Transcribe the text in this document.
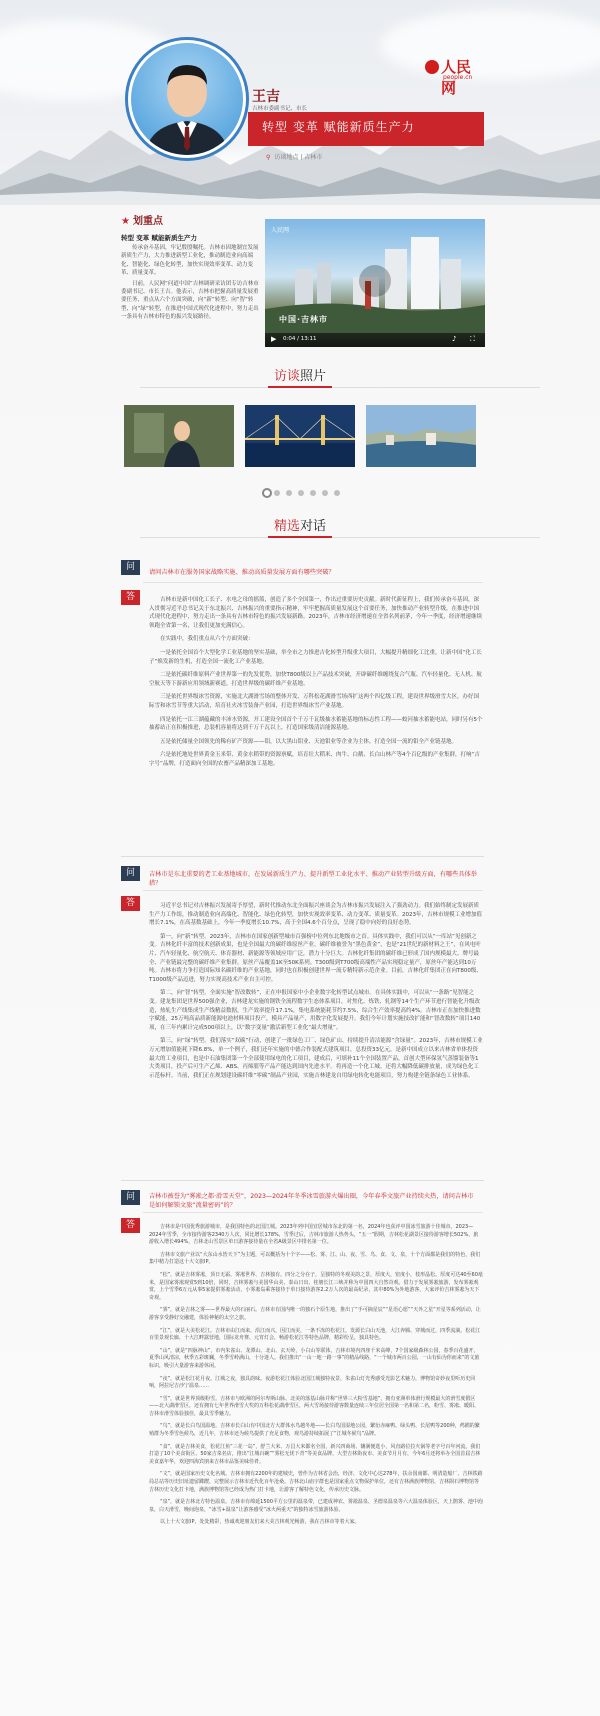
人民网
people.cn
王吉
吉林市委副书记、市长
转型 变革 赋能新质生产力
⚲ 访谈地点 | 吉林市
★ 划重点
转型 变革 赋能新质生产力

传承奋斗基因，牢记殷殷嘱托。吉林市因地制宜发展新质生产力，大力推进新型工业化，推动制造业向高端化、智能化、绿色化转型，加快实现效率变革、动力变革、质量变革。

日前，人民网“问道中国”吉林调研采访团专访吉林市委副书记、市长王吉。他表示，吉林市把握高质量发展重要任务，重点从六个方面突破，向“新”转型、向“智”转型、向“绿”转型，在推进中国式现代化进程中，努力走出一条具有吉林市特色的振兴发展路径。

人民网
中国·吉林市
▶ 0:04 / 13:11	♪ ⛶
访谈照片
精选对话
问
请问吉林市在服务国家战略实施、推动高质量发展方面有哪些突破？
答	吉林市是新中国化工长子、水电之母的摇篮，创造了多个全国第一，作出过重要历史贡献。新时代新征程上，我们传承奋斗基因，深入贯彻习近平总书记关于东北振兴、吉林振兴的重要指示精神，牢牢把握高质量发展这个首要任务，加快推动产业转型升级，在推进中国式现代化进程中，努力走出一条具有吉林市特色的振兴发展新路。2023年，吉林市经济增速在全省名列前茅，今年一季度，经济增速继续领跑全省第一名，让我们更加充满信心。

在实践中，我们重点从六个方面突破：

一是依托全国首个大型化学工业基地的坚实基础，举全市之力推进吉化转型升级重大项目，大幅提升精细化工比重，让新中国“化工长子”焕发新的生机，打造全国一流化工产业基地。

二是依托碳纤维原料产业世界第一的先发优势，加快T800级以上产品技术突破，开辟碳纤维缠绕复合气瓶、汽车轻量化、无人机、航空航天等下游新应用领域新赛道，打造世界级的碳纤维产业基地。

三是依托世界级冰雪资源，实施北大湖滑雪场的整体开发、万科松花湖滑雪场西扩这两个四亿级工程，建设世界级滑雪大区，办好国际雪和冰雪节等重大活动，培育社火冰雪装备产业园，打造世界级冰雪产业基地。

四是依托一江三湖蕴藏的丰沛水资源，开工建设全国首个千万千瓦级抽水蓄能基地的标志性工程——蛟河抽水蓄能电站，同时另有5个抽蓄站正在积极推进，总装机容量将达到千万千瓦以上，打造国家级清洁能源基地。

五是依托储量全国领先的稀有矿产资源——钼，以大黑山钼业、天池钼业等企业为主体，打造全国一流的钼全产业链基地。

六是依托地处世界黄金玉米带、黄金水稻带的资源禀赋，培育壮大稻米、肉牛、白鹅、长白山林产等4个百亿级的产业集群，打响“吉字号”品牌，打造面向全国的农畜产品精深加工基地。

问	吉林市是东北重要的老工业基地城市，在发展新质生产力、提升新型工业化水平、推动产业转型升级方面，有哪些具体举措？
答	习近平总书记对吉林振兴发展寄予厚望，新时代推动东北全面振兴座谈会为吉林市振兴发展注入了强劲动力。我们始终制定发展新质生产力工作组，推动制造业向高端化、智能化、绿色化转型，加快实现效率变革、动力变革、质量变革。2023年，吉林市规模工业增加值增长7.1%，在高基数基础上，今年一季度增长10.7%，高于全国4.6个百分点，呈现了稳中向好的良好态势。

第一，向“新”转型。2023年，吉林市在国家创新型城市百强榜中位列东北地级市之首。具体实践中，我们可以从“一库站”见创新之变。吉林化纤丰富的技术创新成果，也是全国最大的碳纤维原丝产业。碳纤维被誉为“黑色黄金”，也是“21世纪的新材料之王”，在风电叶片、汽车轻量化、航空航天、体育器材、新能源等领域应用广泛，潜力十分巨大。吉林化纤集团的碳纤维已形成了国内规模最大、牌号最全、产业链最完整的碳纤维产业集群，原丝产品覆盖1K至50K系列。T300级到T700级高端性产品实现稳定量产，原丝年产能达到10万吨。吉林市将力争打造国际知名碳纤维的产业基地，同时也在积极创建世界一流专精特新示范企业。目前，吉林化纤集团正在向T800级、T1000级产品迈进，努力实现高技术产业自主可控。

第二，向“智”转型。全面实施“智改数转”，正在申报国家中小企业数字化转型试点城市。在具体实践中，可以从“一条路”见智能之变。建龙集团是世界500强企业，吉林建龙实施的钢铁全流程数字生态体系项目，对焦化、炼铁、轧钢等14个生产环节进行智能化升级改造，热轧生产线集成生产线精益数据，生产效率提升17.1%，集电系统能耗节约7.5%，综合生产效率提高约4%。吉林市正在加快推进数字赋能，25万吨高品质新能源电池材料项目投产，模具产品量产，用数字化发展提升。我们今年计划实施技改扩能和“智改数转”项目140项，在三年内累计完成500项以上，以“数字变量”激活新型工业化“最大增量”。

第三，向“绿”转型。我们落实“双碳”行动，创建了一批绿色工厂、绿色矿山、持续提升清洁能源“含绿量”。2023年，吉林市规模工业万元增加值能耗下降6.8%，单一个例子，我们还年实施的中德合作装配式建筑项目，总投资33亿元，是新中国成立以来吉林省单体投资最大的工业项目，也是中石油集团第一个全部使用绿电的化工项目，建成后，可填补11个全国装置产品，首创大型环保氢气蒸馏装备等1大类项目，投产后可生产乙烯、ABS、丙烯腈等产品产能达到国内先进水平。将再造一个化工城。还将大幅降低碳排放量，成为绿色化工示范标杆。当前，我们正在规划建设碳纤维“零碳”制品产业园，实施吉林建龙自用绿电转化电能项目，努力构建全链条绿色工业体系。

问	吉林市被誉为“雾凇之都·滑雪天堂”，2023—2024年冬季冰雪旅游火爆出圈，今年春季文旅产业持续火热，请问吉林市是如何解锁文旅“流量密码”的？
答	吉林市是中国优秀旅游城市，是我国特色的北国江城。2023年列中国宜居城市东北的第一名，2024年也获评中国冰雪旅游十佳城市。2023—2024年雪季，全市接待游客2340万人次，同比增长178%，雪季过后，吉林市旅游人热势头，“五一”假期，吉林松花湖景区接待游客增长502%，旅游收入增长494%，吉林北山雪景区单日游客接待量在全省A级景区中排名第一位。

吉林市文旅产业以“大东山水皆天下”为主题，可以概括为十个字——松、雾、江、山、夜、雪、鸟、食、文、泉，十个方面都是我们的特色，我们集中精力打造这十大文旅IP。

“松”，就是吉林雾凇，顶日无霜、雾凇世界、吉林独有，四分之分在子，呈独特的冬观美韵之景，厚度大，密度小，枝形晶松。厚度可达40至60毫米，是国家雾凇观赏5到10倍，同时，吉林雾凇与美国华山美、泰山日出、桂塘长江三峡并称为中国四大自然奇观。借力于发展雾凇旅游，发布雾凇观赏，上个雪季6万元从事5家提供雾凇活动，小雾凇岛乘客接待于单日接待游客2.2万人次的最高纪录，其中80%为外地游客，大家评价吉林雾凇为天下奇观。

“雾”，就是吉林之雾——世界最大的石丽石。吉林市有国内唯一的独石个原生地，推出了“手可摘星辰”“星语心愿”“天外之星”开星等系列活动，让游客享受静好交融建，体验神秘的太空之旅。

“江”，就是大美松花江。吉林市由江而来，沿江而兴，因江而美，一条不冻的松花江，发源长白山天池，大江奔腾、穿城而过，四季流淌。松花江百里景观长廊，十大江畔露营地，国际龙舟赛、元宵灯会，畅游松花江等特色品牌，精彩纷呈，独具特色。

“山”，就是“四脉神山”，市内朱雀山、龙潭山、北山、玄天岭，小白山等联体，吉林市境内四座千米高峰，7个国家级森林公园，春季百花盛开，夏季山风清凉，秋季五彩斑斓，冬季雪岭满山，十分迷人。我们推出“一山一地一路一事”的精品线路，“一个城市两百公园，一山有仙为你而来”的文旅标识，吸引大量游客来游休闲。

“夜”，就是松江花月夜。江城之夜，独具韵味。夜游松花江体验北国江城独特夜景，朱雀山灯光秀感受光影艺术魅力，博物馆奇妙夜里听历史回响，阿拉尼吉沙宁温泉……

“雪”，就是世界顶级粉雪。吉林市与欧洲的阿尔卑斯山脉、北美的落基山脉并称“世界三大粉雪基地”，拥有亚洲单体滑行规模最大的滑雪度假区——北大湖滑雪区，还有拥有七年世界滑雪大奖的万科松花湖滑雪区，两大雪场接待游客数量连续三年位居全国第一名和第二名，粉雪、雾凇、暖阳、吉林市滑雪体验独佳，最具雪季魅力。

“鸟”，就是长白鸟国温地。吉林市长白山有中国北方大群体水鸟越冬地——长白鸟国湿地公园，繁衍赤麻鸭、绿头鸭、长尾鸭等200种，鸬鹚的繁殖群为冬季雪色候鸟，近几年，吉林市还为候鸟提供了充足食物，观鸟游持续拓展了“江城冬候鸟”品牌。

“食”，就是吉林美食，松花江鱼“三花一岛”，舒兰大米、万昌大米都名全国，新兴四商场、镶满便选小，风直路位拉火锅等老字号百年河流，我们打造了10个美食街区、50家吉菜名店，推出“江城百碗”“雾松无忧下青”等美食品牌，大型吉林街夜市、美食节月月有，今年6月还将举办全国首届吉林美食嘉年华，欢迎四海宾朋来吉林市品鉴美味佳肴。

“文”，就是国家历史文化名城。吉林市拥有2200年的建城史，曾作为吉林省会治，经济、文化中心达278年，扶余国南都、明清造船厂、吉林铁路局总站等历史旧址遗留蹀躞，完整展示吉林市近代化百年沧桑。吉林北山庙宇群也是国家重点文物保护单位，还有吉林满族博物馆、吉林陨石博物馆等吉林历史文化打卡地，满族博物馆等已经成为热门打卡地，让游客了解特色文化，传承历史文脉。

“泉”，就是吉林北方特色温泉。吉林市有绵延1500平方公里的温泉带，已建成神农、雾凇温泉、圣德泉温泉等六大温泉体验区，天上鹊雾、池中泡泉，白天滑雪，晚间泡泉，“冰雪+温泉”让游客感受“冰火两重天”的独特冰雪旅游体验。

以上十大文旅IP，处处精彩，热诚欢迎朋友们来大美吉林观光畅游，我在吉林市等着大家。
